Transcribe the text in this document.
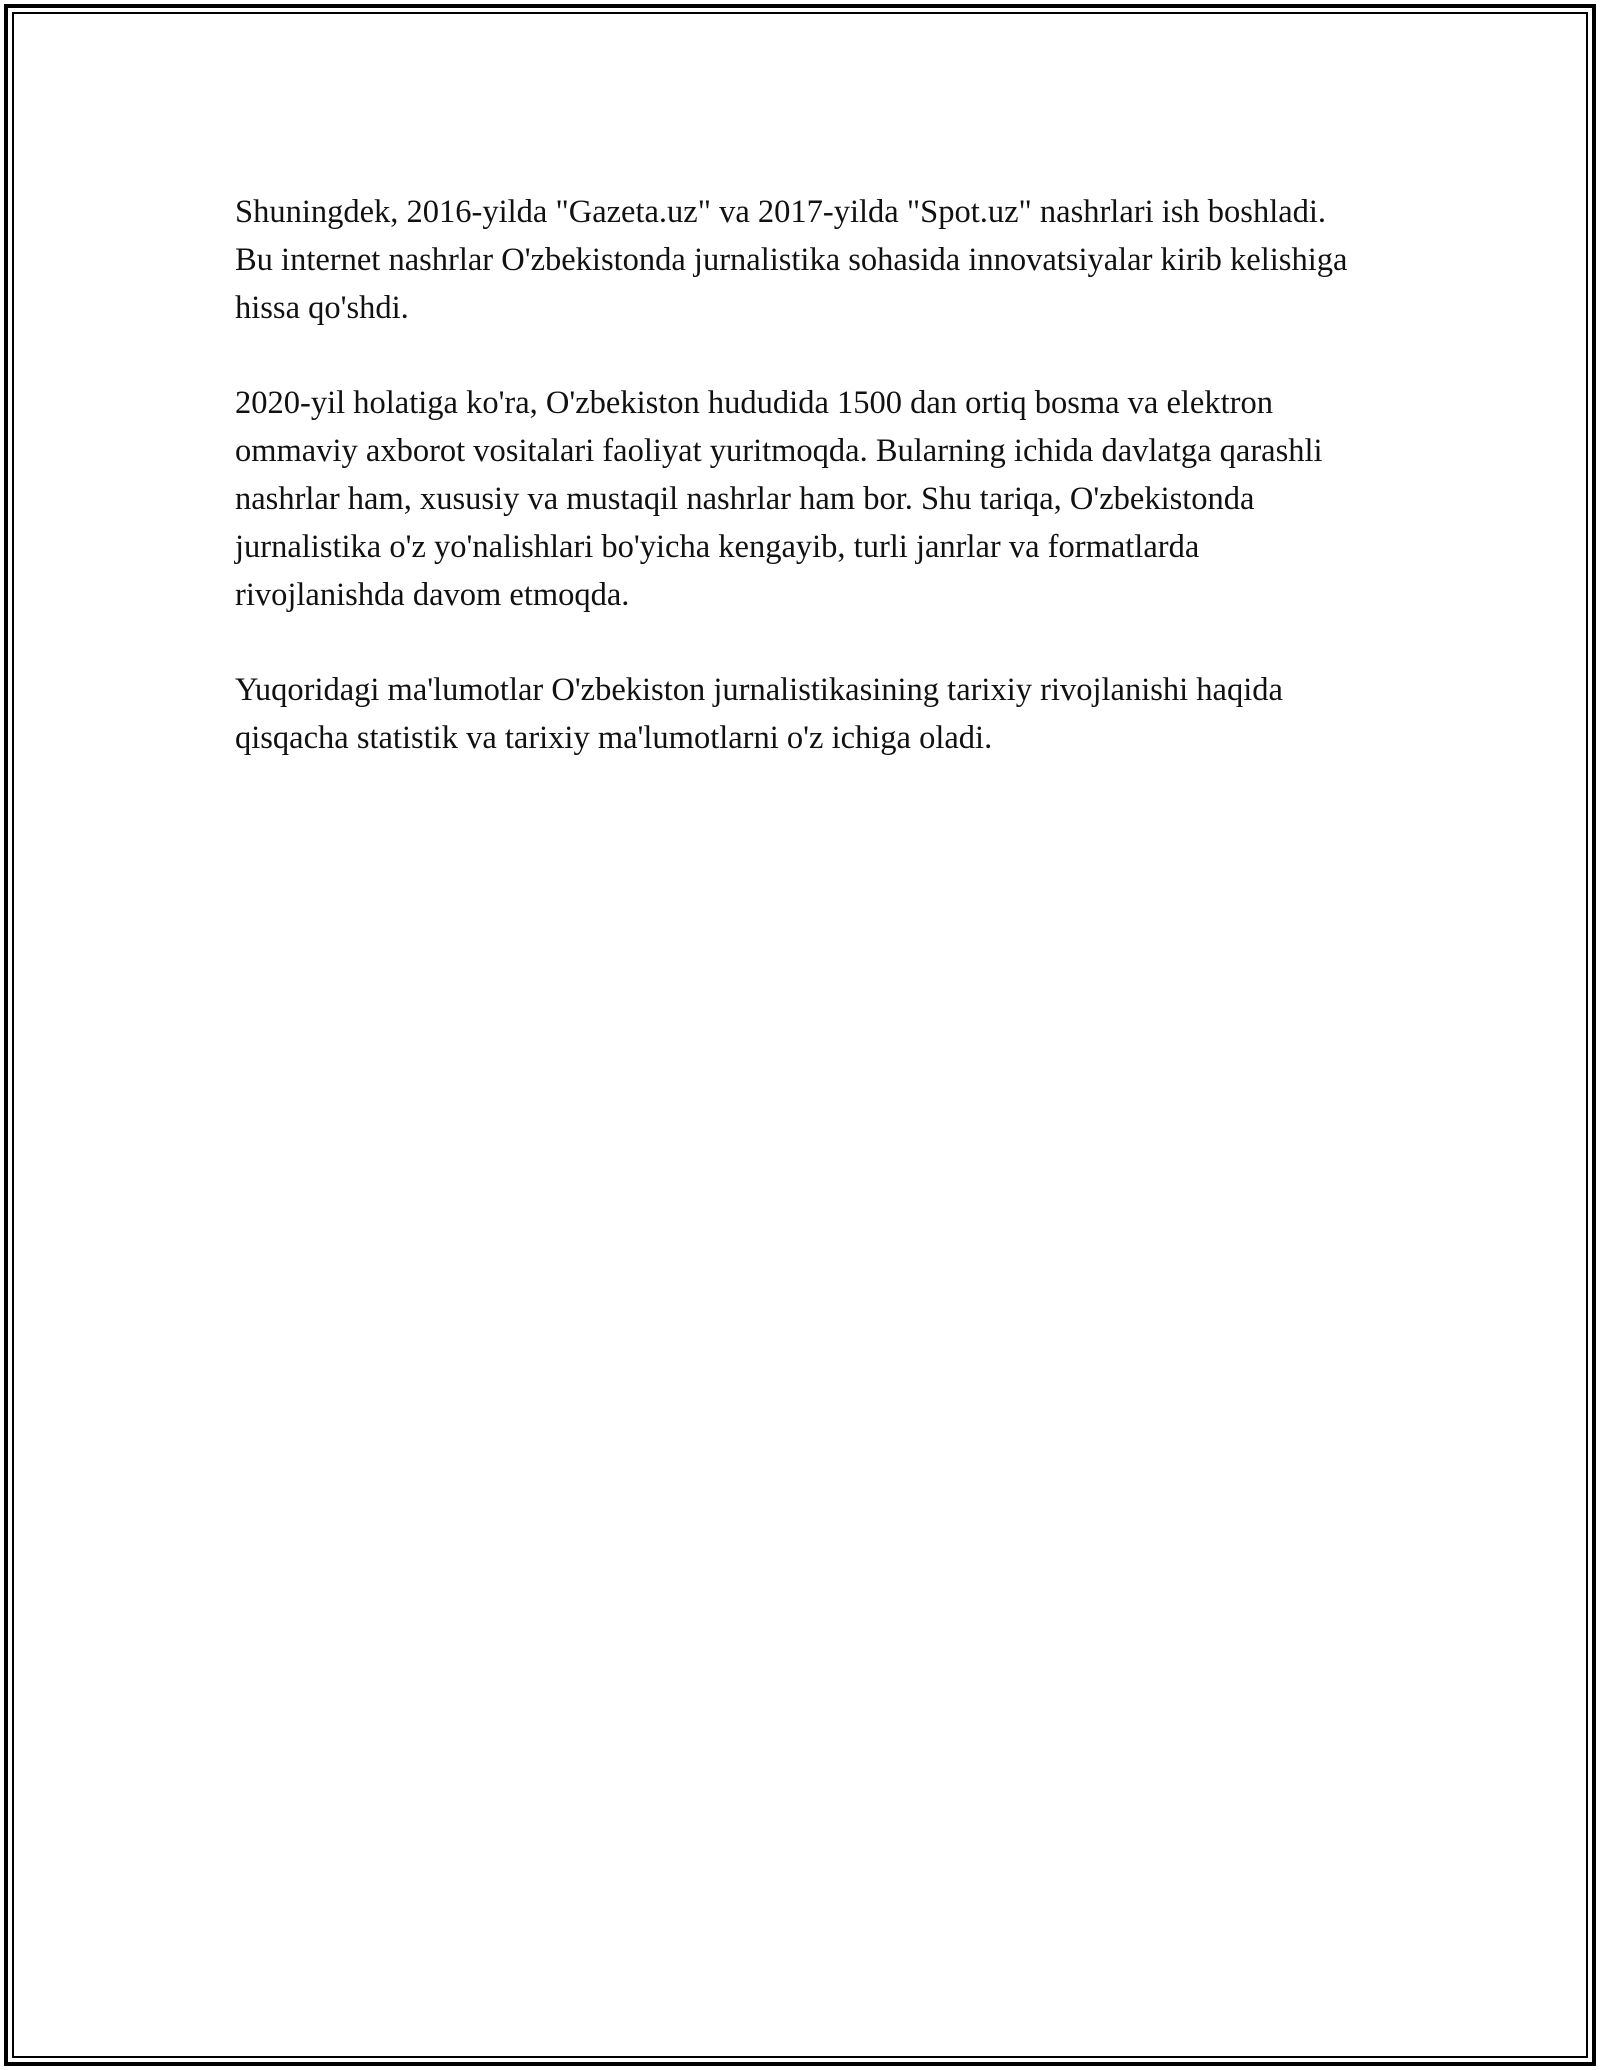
Shuningdek, 2016-yilda "Gazeta.uz" va 2017-yilda "Spot.uz" nashrlari ish boshladi. Bu internet nashrlar O'zbekistonda jurnalistika sohasida innovatsiyalar kirib kelishiga hissa qo'shdi.

2020-yil holatiga ko'ra, O'zbekiston hududida 1500 dan ortiq bosma va elektron ommaviy axborot vositalari faoliyat yuritmoqda. Bularning ichida davlatga qarashli nashrlar ham, xususiy va mustaqil nashrlar ham bor. Shu tariqa, O'zbekistonda jurnalistika o'z yo'nalishlari bo'yicha kengayib, turli janrlar va formatlarda rivojlanishda davom etmoqda.

Yuqoridagi ma'lumotlar O'zbekiston jurnalistikasining tarixiy rivojlanishi haqida qisqacha statistik va tarixiy ma'lumotlarni o'z ichiga oladi.
